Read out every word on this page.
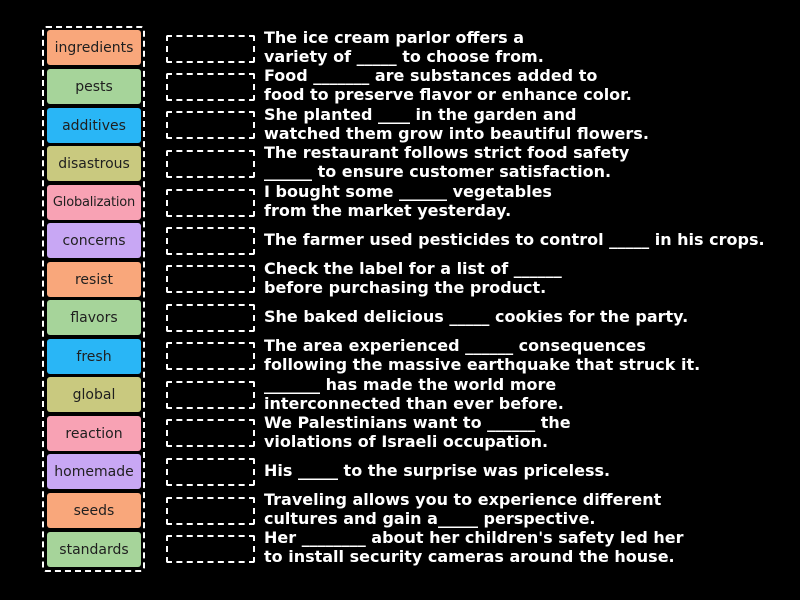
ingredients
pests
additives
disastrous
Globalization
concerns
resist
flavors
fresh
global
reaction
homemade
seeds
standards
The ice cream parlor offers a
variety of _____ to choose from.
Food _______ are substances added to
food to preserve flavor or enhance color.
She planted ____ in the garden and
watched them grow into beautiful flowers.
The restaurant follows strict food safety
______ to ensure customer satisfaction.
I bought some ______ vegetables
from the market yesterday.
The farmer used pesticides to control _____ in his crops.
Check the label for a list of ______
before purchasing the product.
She baked delicious _____ cookies for the party.
The area experienced ______ consequences
following the massive earthquake that struck it.
_______ has made the world more
interconnected than ever before.
We Palestinians want to ______ the
violations of Israeli occupation.
His _____ to the surprise was priceless.
Traveling allows you to experience different
cultures and gain a_____ perspective.
Her ________ about her children's safety led her
to install security cameras around the house.
